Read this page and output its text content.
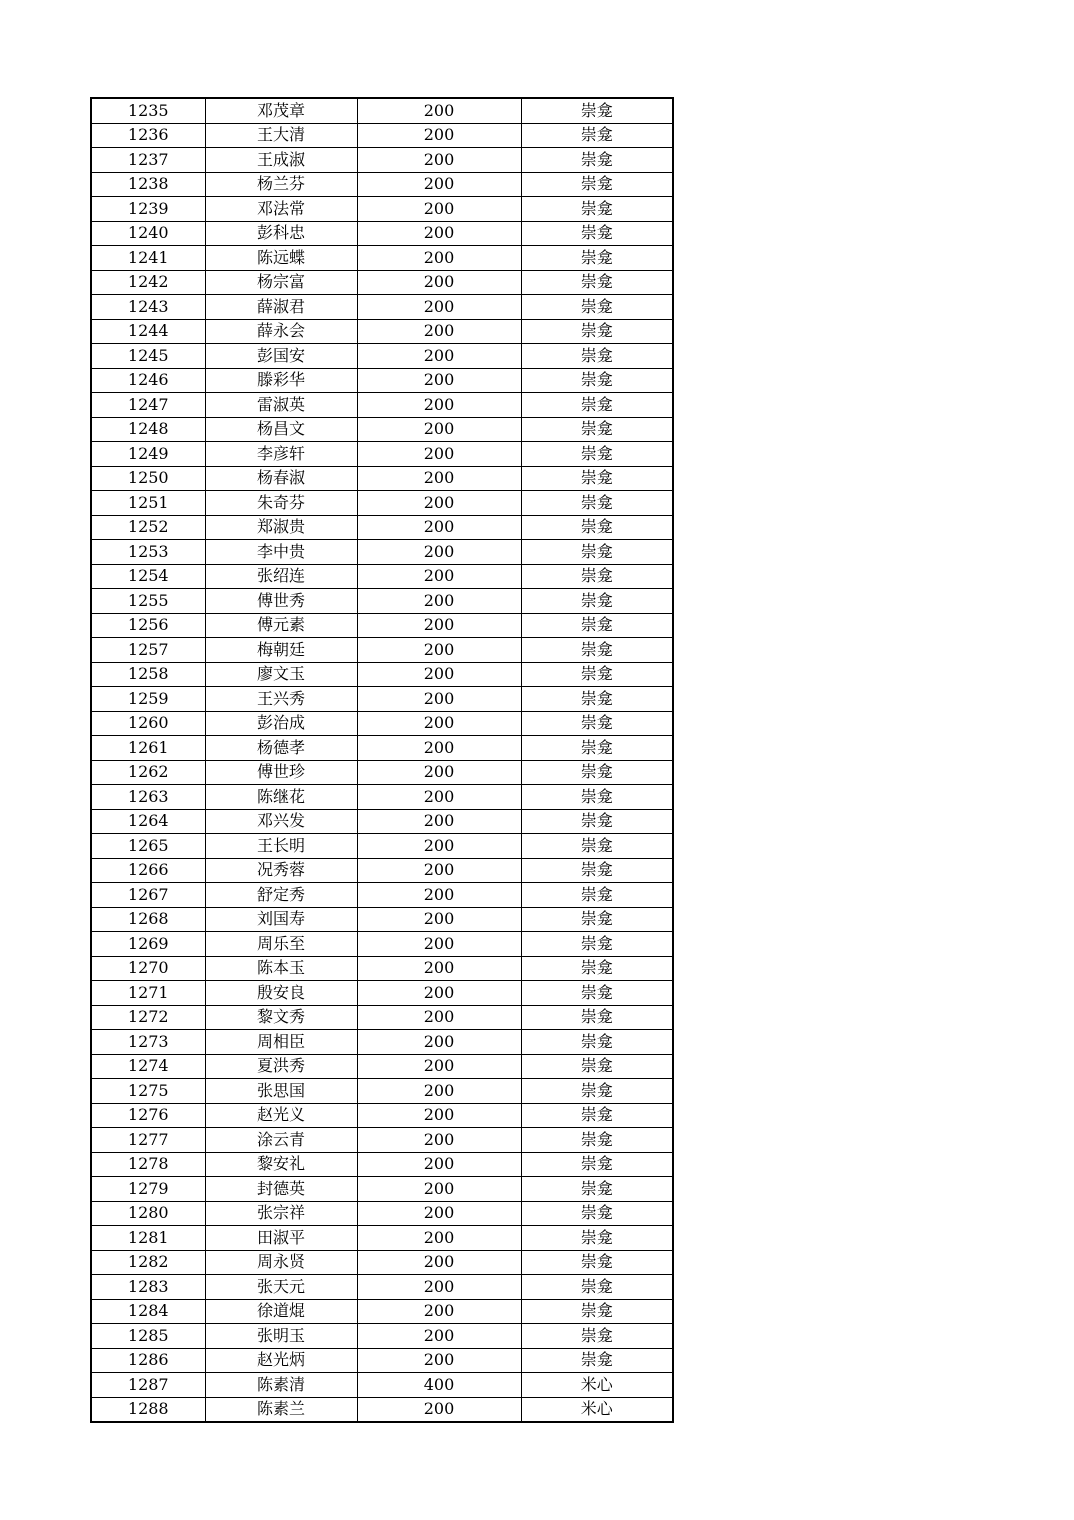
1235	邓茂章	200	崇龛
1236	王大清	200	崇龛
1237	王成淑	200	崇龛
1238	杨兰芬	200	崇龛
1239	邓法常	200	崇龛
1240	彭科忠	200	崇龛
1241	陈远蝶	200	崇龛
1242	杨宗富	200	崇龛
1243	薛淑君	200	崇龛
1244	薛永会	200	崇龛
1245	彭国安	200	崇龛
1246	滕彩华	200	崇龛
1247	雷淑英	200	崇龛
1248	杨昌文	200	崇龛
1249	李彦轩	200	崇龛
1250	杨春淑	200	崇龛
1251	朱奇芬	200	崇龛
1252	郑淑贵	200	崇龛
1253	李中贵	200	崇龛
1254	张绍连	200	崇龛
1255	傅世秀	200	崇龛
1256	傅元素	200	崇龛
1257	梅朝廷	200	崇龛
1258	廖文玉	200	崇龛
1259	王兴秀	200	崇龛
1260	彭治成	200	崇龛
1261	杨德孝	200	崇龛
1262	傅世珍	200	崇龛
1263	陈继花	200	崇龛
1264	邓兴发	200	崇龛
1265	王长明	200	崇龛
1266	况秀蓉	200	崇龛
1267	舒定秀	200	崇龛
1268	刘国寿	200	崇龛
1269	周乐至	200	崇龛
1270	陈本玉	200	崇龛
1271	殷安良	200	崇龛
1272	黎文秀	200	崇龛
1273	周相臣	200	崇龛
1274	夏洪秀	200	崇龛
1275	张思国	200	崇龛
1276	赵光义	200	崇龛
1277	涂云青	200	崇龛
1278	黎安礼	200	崇龛
1279	封德英	200	崇龛
1280	张宗祥	200	崇龛
1281	田淑平	200	崇龛
1282	周永贤	200	崇龛
1283	张天元	200	崇龛
1284	徐道焜	200	崇龛
1285	张明玉	200	崇龛
1286	赵光炳	200	崇龛
1287	陈素清	400	米心
1288	陈素兰	200	米心
